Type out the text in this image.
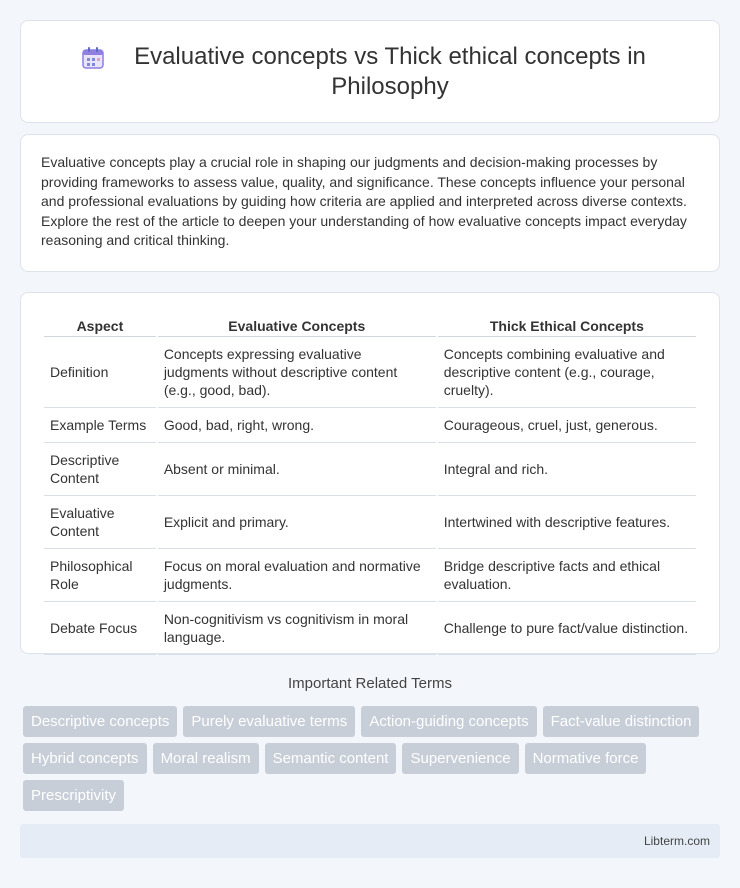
Evaluative concepts vs Thick ethical concepts in Philosophy

Evaluative concepts play a crucial role in shaping our judgments and decision-making processes by providing frameworks to assess value, quality, and significance. These concepts influence your personal and professional evaluations by guiding how criteria are applied and interpreted across diverse contexts. Explore the rest of the article to deepen your understanding of how evaluative concepts impact everyday reasoning and critical thinking.

Aspect	Evaluative Concepts	Thick Ethical Concepts
Definition	Concepts expressing evaluative judgments without descriptive content (e.g., good, bad).	Concepts combining evaluative and descriptive content (e.g., courage, cruelty).
Example Terms	Good, bad, right, wrong.	Courageous, cruel, just, generous.
Descriptive Content	Absent or minimal.	Integral and rich.
Evaluative Content	Explicit and primary.	Intertwined with descriptive features.
Philosophical Role	Focus on moral evaluation and normative judgments.	Bridge descriptive facts and ethical evaluation.
Debate Focus	Non-cognitivism vs cognitivism in moral language.	Challenge to pure fact/value distinction.
Important Related Terms
Descriptive concepts	Purely evaluative terms	Action-guiding concepts	Fact-value distinction
Hybrid concepts	Moral realism	Semantic content	Supervenience	Normative force
Prescriptivity
Libterm.com
